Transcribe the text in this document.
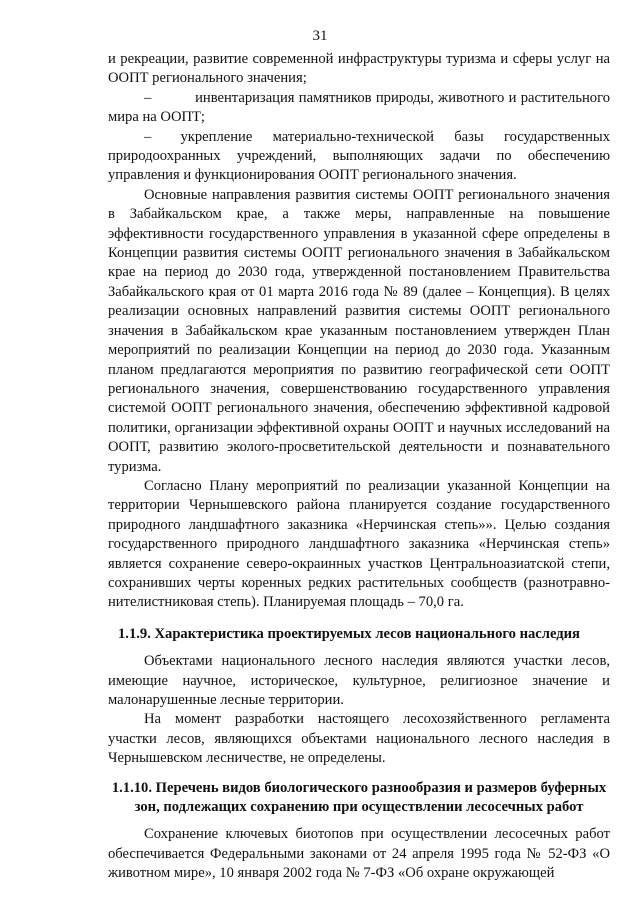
31

и рекреации, развитие современной инфраструктуры туризма и сферы услуг на ООПТ регионального значения;

–   инвентаризация памятников природы, животного и растительного мира на ООПТ;

–  укрепление материально-технической базы государственных природоохранных учреждений, выполняющих задачи по обеспечению управления и функционирования ООПТ регионального значения.

Основные направления развития системы ООПТ регионального значения в Забайкальском крае, а также меры, направленные на повышение эффективности государственного управления в указанной сфере определены в Концепции развития системы ООПТ регионального значения в Забайкальском крае на период до 2030 года, утвержденной постановлением Правительства Забайкальского края от 01 марта 2016 года № 89 (далее – Концепция). В целях реализации основных направлений развития системы ООПТ регионального значения в Забайкальском крае указанным постановлением утвержден План мероприятий по реализации Концепции на период до 2030 года. Указанным планом предлагаются мероприятия по развитию географической сети ООПТ регионального значения, совершенствованию государственного управления системой ООПТ регионального значения, обеспечению эффективной кадровой политики, организации эффективной охраны ООПТ и научных исследований на ООПТ, развитию эколого-просветительской деятельности и познавательного туризма.

Согласно Плану мероприятий по реализации указанной Концепции на территории Чернышевского района планируется создание государственного природного ландшафтного заказника «Нерчинская степь»». Целью создания государственного природного ландшафтного заказника «Нерчинская степь» является сохранение северо-окраинных участков Центральноазиатской степи, сохранивших черты коренных редких растительных сообществ (разнотравно-нителистниковая степь). Планируемая площадь – 70,0 га.

1.1.9. Характеристика проектируемых лесов национального наследия

Объектами национального лесного наследия являются участки лесов, имеющие научное, историческое, культурное, религиозное значение и малонарушенные лесные территории.

На момент разработки настоящего лесохозяйственного регламента участки лесов, являющихся объектами национального лесного наследия в Чернышевском лесничестве, не определены.

1.1.10. Перечень видов биологического разнообразия и размеров буферных зон, подлежащих сохранению при осуществлении лесосечных работ

Сохранение ключевых биотопов при осуществлении лесосечных работ обеспечивается Федеральными законами от 24 апреля 1995 года № 52-ФЗ «О животном мире», 10 января 2002 года № 7-ФЗ «Об охране окружающей
